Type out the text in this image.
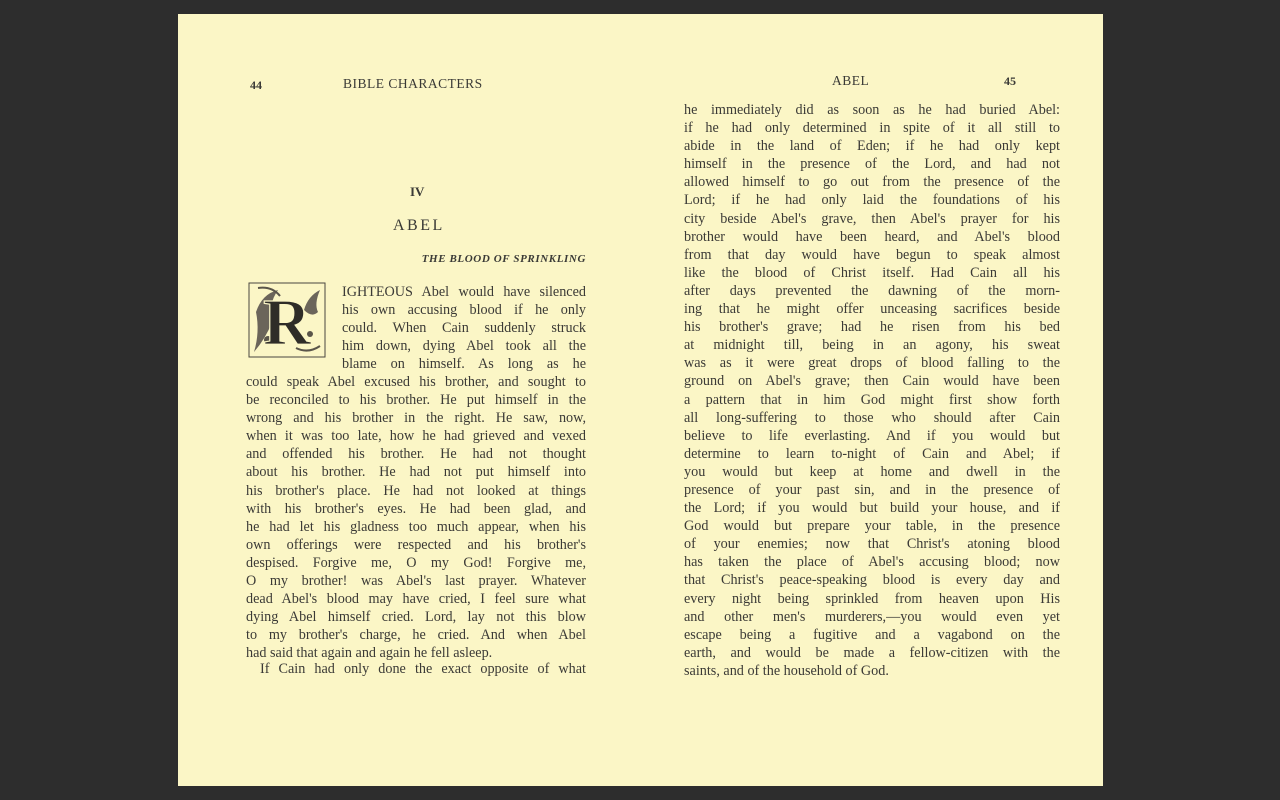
44	BIBLE CHARACTERS
IV
ABEL
THE BLOOD OF SPRINKLING
R IGHTEOUS Abel would have silenced
his own accusing blood if he only
could. When Cain suddenly struck
him down, dying Abel took all the
blame on himself. As long as he
could speak Abel excused his brother, and sought to
be reconciled to his brother. He put himself in the
wrong and his brother in the right. He saw, now,
when it was too late, how he had grieved and vexed
and offended his brother. He had not thought
about his brother. He had not put himself into
his brother's place. He had not looked at things
with his brother's eyes. He had been glad, and
he had let his gladness too much appear, when his
own offerings were respected and his brother's
despised. Forgive me, O my God! Forgive me,
O my brother! was Abel's last prayer. Whatever
dead Abel's blood may have cried, I feel sure what
dying Abel himself cried. Lord, lay not this blow
to my brother's charge, he cried. And when Abel
had said that again and again he fell asleep.
If Cain had only done the exact opposite of what
ABEL	45
he immediately did as soon as he had buried Abel:
if he had only determined in spite of it all still to
abide in the land of Eden; if he had only kept
himself in the presence of the Lord, and had not
allowed himself to go out from the presence of the
Lord; if he had only laid the foundations of his
city beside Abel's grave, then Abel's prayer for his
brother would have been heard, and Abel's blood
from that day would have begun to speak almost
like the blood of Christ itself. Had Cain all his
after days prevented the dawning of the morn-
ing that he might offer unceasing sacrifices beside
his brother's grave; had he risen from his bed
at midnight till, being in an agony, his sweat
was as it were great drops of blood falling to the
ground on Abel's grave; then Cain would have been
a pattern that in him God might first show forth
all long-suffering to those who should after Cain
believe to life everlasting. And if you would but
determine to learn to-night of Cain and Abel; if
you would but keep at home and dwell in the
presence of your past sin, and in the presence of
the Lord; if you would but build your house, and if
God would but prepare your table, in the presence
of your enemies; now that Christ's atoning blood
has taken the place of Abel's accusing blood; now
that Christ's peace-speaking blood is every day and
every night being sprinkled from heaven upon His
and other men's murderers,—you would even yet
escape being a fugitive and a vagabond on the
earth, and would be made a fellow-citizen with the
saints, and of the household of God.
